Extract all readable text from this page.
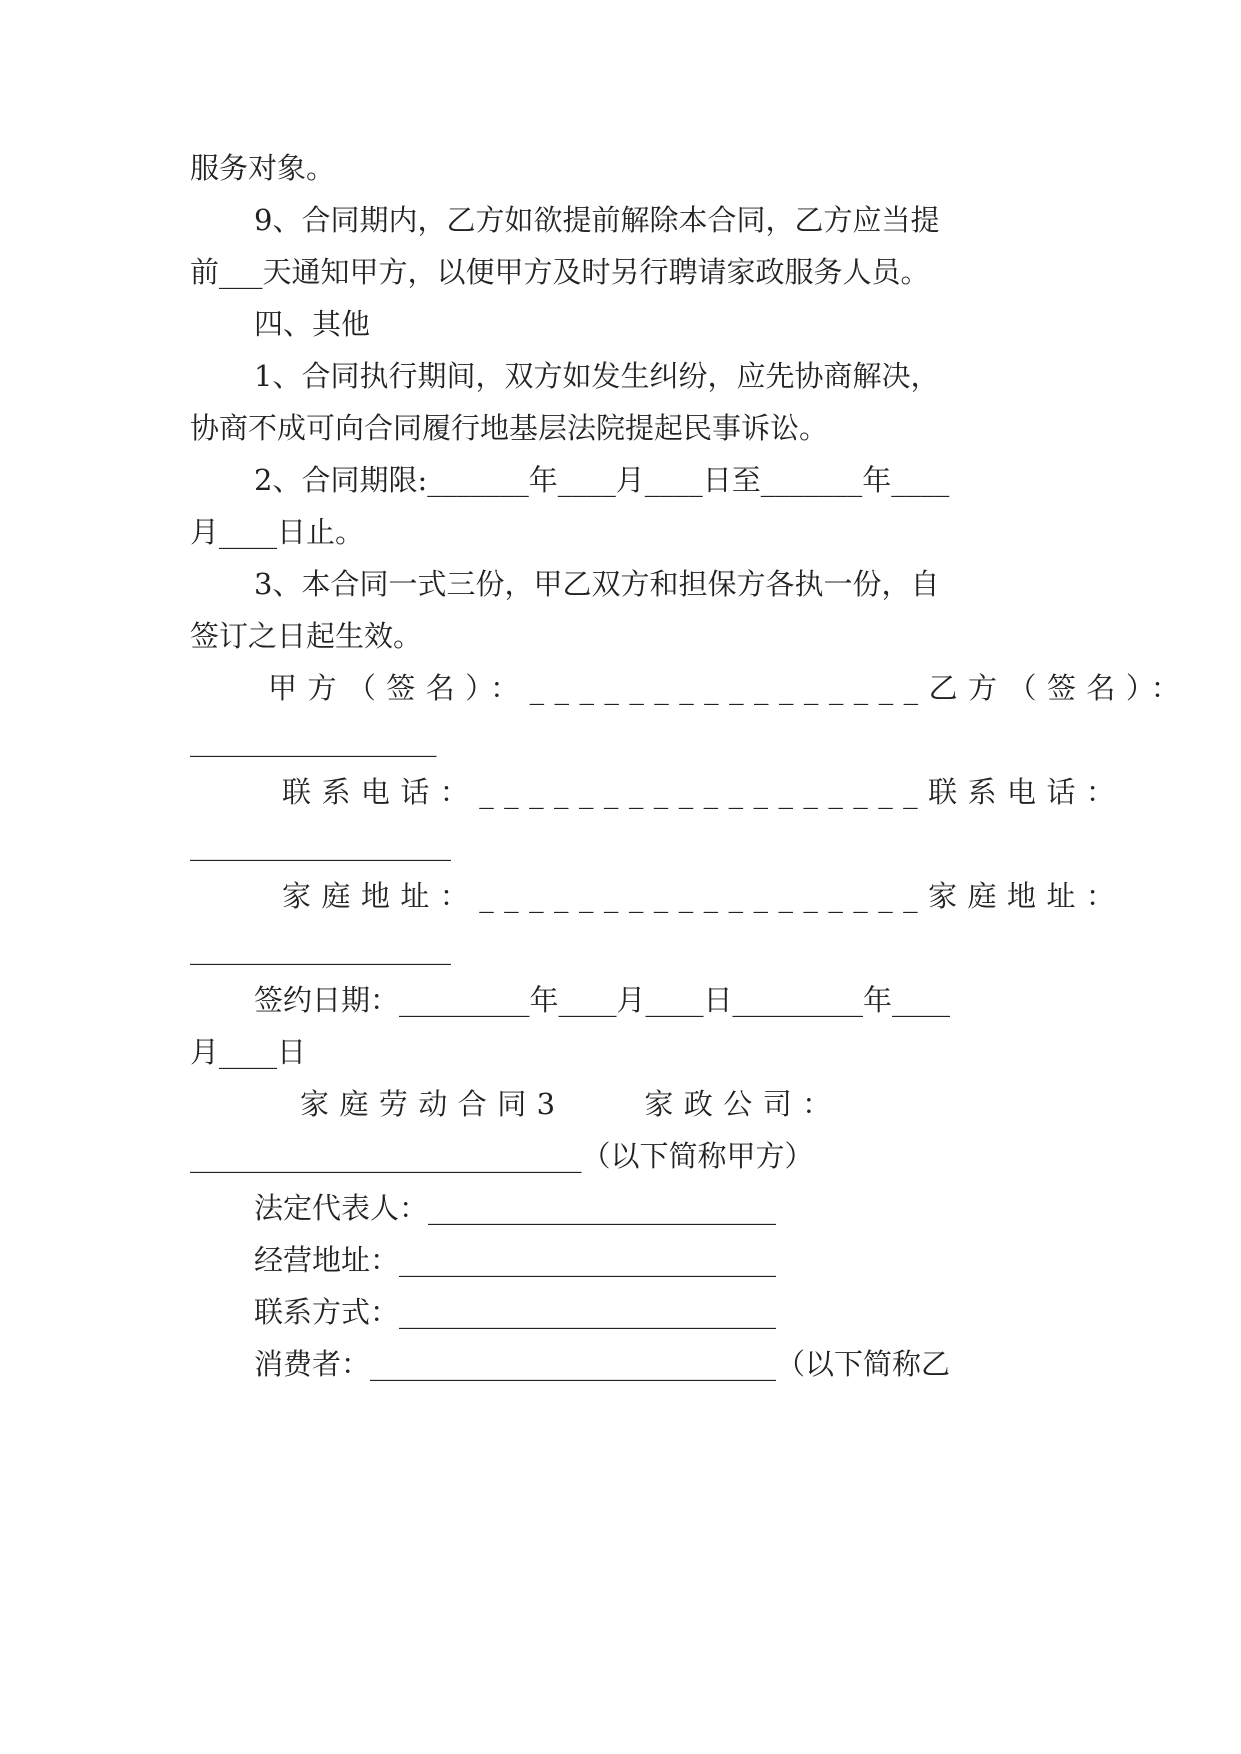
服务对象。
9、合同期内，乙方如欲提前解除本合同，乙方应当提
前___天通知甲方，以便甲方及时另行聘请家政服务人员。
四、其他
1、合同执行期间，双方如发生纠纷，应先协商解决，
协商不成可向合同履行地基层法院提起民事诉讼。
2、合同期限:_______年____月____日至_______年____
月____日止。
3、本合同一式三份，甲乙双方和担保方各执一份，自
签订之日起生效。
甲方（签名）：________________乙方（签名）：
_________________
联系电话：__________________联系电话：
__________________
家庭地址：__________________家庭地址：
__________________
签约日期：_________年____月____日_________年____
月____日
家庭劳动合同3　　家政公司：
___________________________（以下简称甲方）
法定代表人：________________________
经营地址：__________________________
联系方式：__________________________
消费者：____________________________（以下简称乙
